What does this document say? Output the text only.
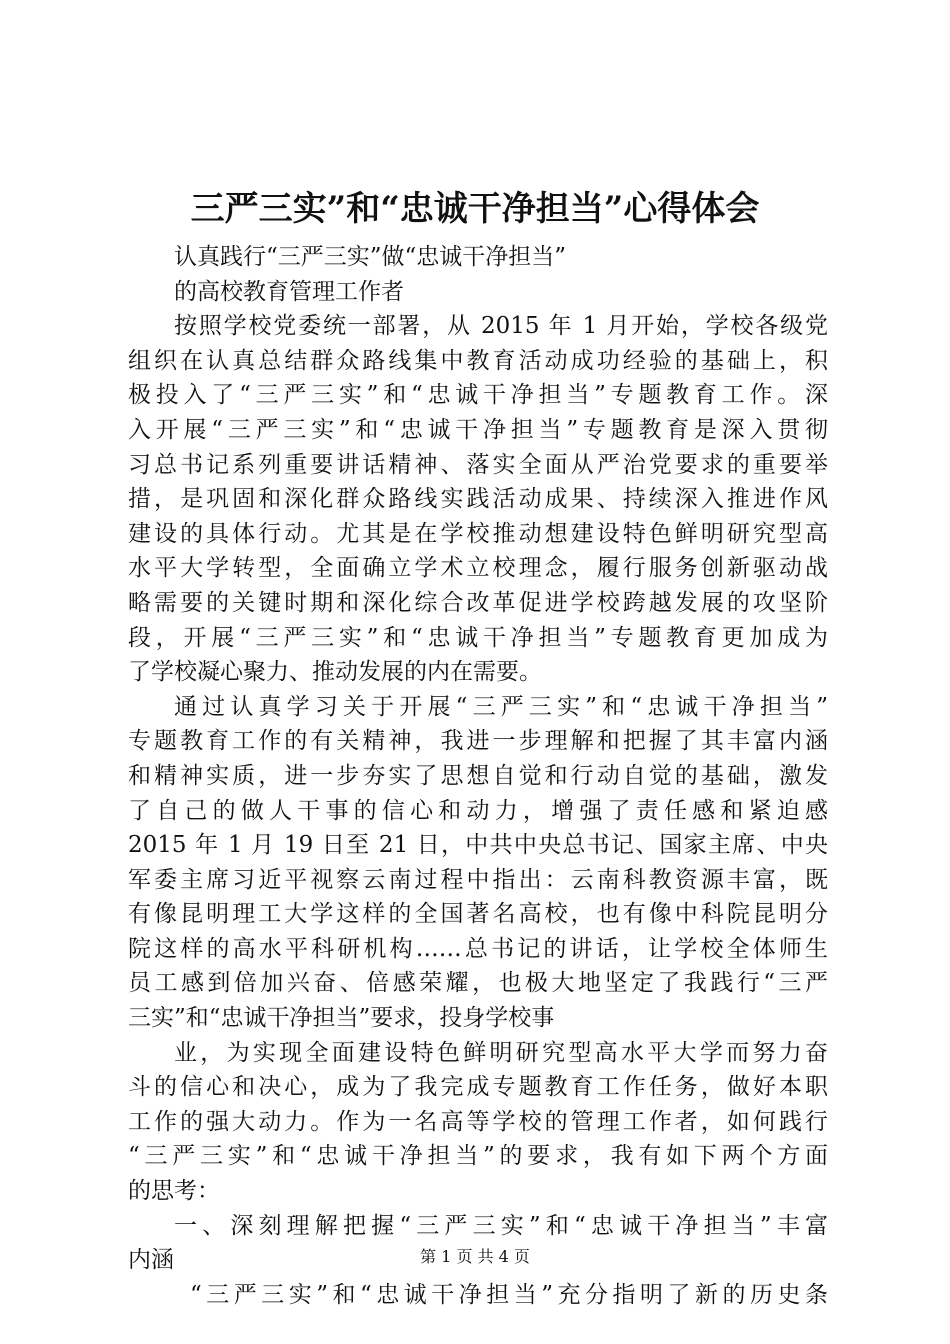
三严三实”和“忠诚干净担当”心得体会
认真践行“三严三实”做“忠诚干净担当”
的高校教育管理工作者
按照学校党委统一部署，从 2015 年 1 月开始，学校各级党
组织在认真总结群众路线集中教育活动成功经验的基础上，积
极投入了“三严三实”和“忠诚干净担当”专题教育工作。深
入开展“三严三实”和“忠诚干净担当”专题教育是深入贯彻
习总书记系列重要讲话精神、落实全面从严治党要求的重要举
措，是巩固和深化群众路线实践活动成果、持续深入推进作风
建设的具体行动。尤其是在学校推动想建设特色鲜明研究型高
水平大学转型，全面确立学术立校理念，履行服务创新驱动战
略需要的关键时期和深化综合改革促进学校跨越发展的攻坚阶
段，开展“三严三实”和“忠诚干净担当”专题教育更加成为
了学校凝心聚力、推动发展的内在需要。
通过认真学习关于开展“三严三实”和“忠诚干净担当”
专题教育工作的有关精神，我进一步理解和把握了其丰富内涵
和精神实质，进一步夯实了思想自觉和行动自觉的基础，激发
了自己的做人干事的信心和动力，增强了责任感和紧迫感
2015 年 1 月 19 日至 21 日，中共中央总书记、国家主席、中央
军委主席习近平视察云南过程中指出：云南科教资源丰富，既
有像昆明理工大学这样的全国著名高校，也有像中科院昆明分
院这样的高水平科研机构……总书记的讲话，让学校全体师生
员工感到倍加兴奋、倍感荣耀，也极大地坚定了我践行“三严
三实”和“忠诚干净担当”要求，投身学校事
业，为实现全面建设特色鲜明研究型高水平大学而努力奋
斗的信心和决心，成为了我完成专题教育工作任务，做好本职
工作的强大动力。作为一名高等学校的管理工作者，如何践行
“三严三实”和“忠诚干净担当”的要求，我有如下两个方面
的思考：
一、深刻理解把握“三严三实”和“忠诚干净担当”丰富
内涵
“三严三实”和“忠诚干净担当”充分指明了新的历史条
第 1 页 共 4 页
